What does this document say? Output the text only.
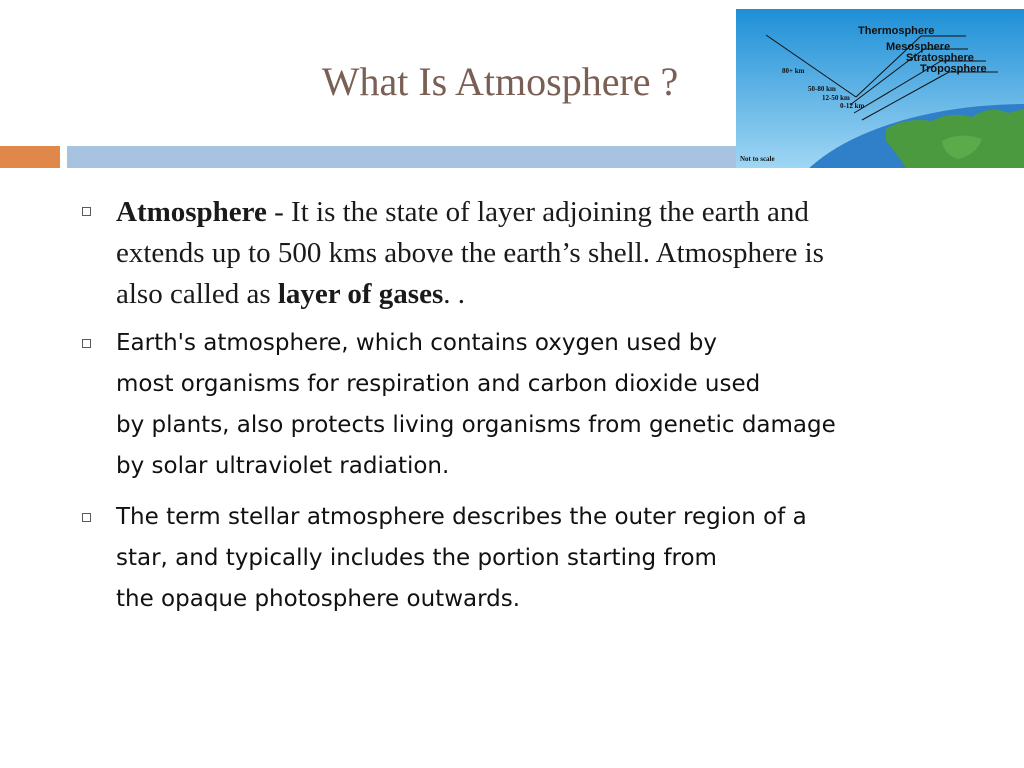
What Is Atmosphere ?
Thermosphere
Mesosphere
Stratosphere
Troposphere
80+ km
50-80 km
12-50 km
0-12 km
Not to scale
Atmosphere - It is the state of layer adjoining the earth and
extends up to 500 kms above the earth’s shell. Atmosphere is
also called as layer of gases. .
Earth's atmosphere, which contains oxygen used by
most organisms for respiration and carbon dioxide used
by plants, also protects living organisms from genetic damage
by solar ultraviolet radiation.
The term stellar atmosphere describes the outer region of a
star, and typically includes the portion starting from
the opaque photosphere outwards.
